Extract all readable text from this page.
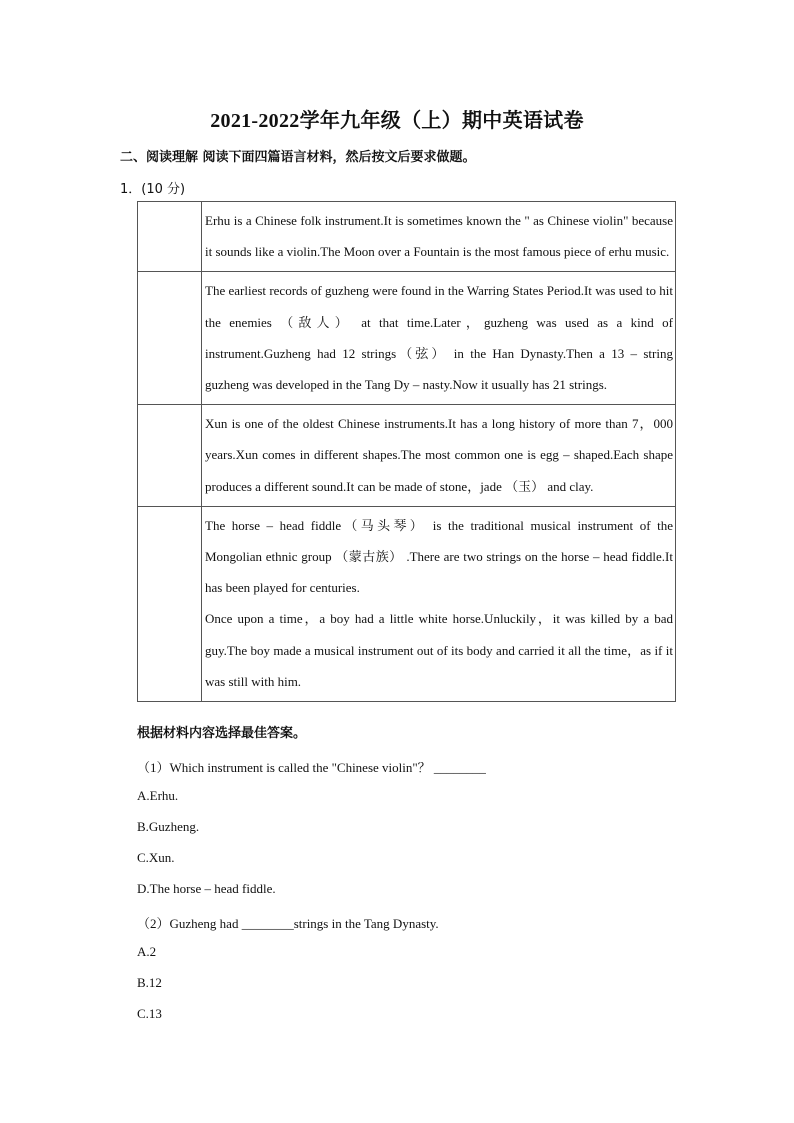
2021-2022学年九年级（上）期中英语试卷
二、阅读理解 阅读下面四篇语言材料，然后按文后要求做题。
1．(10 分)

	Erhu is a Chinese folk instrument.It is sometimes known the " as Chinese violin" because it sounds like a violin.The Moon over a Fountain is the most famous piece of erhu music.

	The earliest records of guzheng were found in the Warring States Period.It was used to hit the enemies （敌人） at that time.Later，guzheng was used as a kind of instrument.Guzheng had 12 strings（弦） in the Han Dynasty.Then a 13 – string guzheng was developed in the Tang Dy – nasty.Now it usually has 21 strings.

	Xun is one of the oldest Chinese instruments.It has a long history of more than 7，000 years.Xun comes in different shapes.The most common one is egg – shaped.Each shape produces a different sound.It can be made of stone，jade （玉） and clay.

	The horse – head fiddle（马头琴） is the traditional musical instrument of the Mongolian ethnic group （蒙古族） .There are two strings on the horse – head fiddle.It has been played for centuries.

Once upon a time，a boy had a little white horse.Unluckily，it was killed by a bad guy.The boy made a musical instrument out of its body and carried it all the time，as if it was still with him.

根据材料内容选择最佳答案。
（1）Which instrument is called the "Chinese violin"？ ________
A.Erhu.
B.Guzheng.
C.Xun.
D.The horse – head fiddle.
（2）Guzheng had ________strings in the Tang Dynasty.
A.2
B.12
C.13
